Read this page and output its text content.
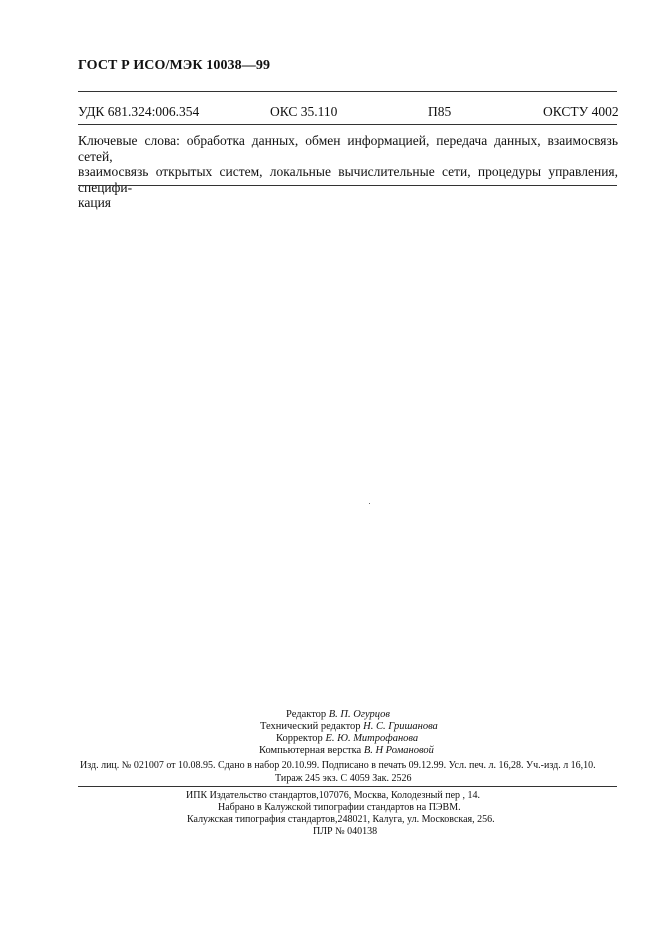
ГОСТ Р ИСО/МЭК 10038—99
УДК 681.324:006.354	ОКС 35.110	П85	ОКСТУ 4002
Ключевые слова: обработка данных, обмен информацией, передача данных, взаимосвязь сетей,
взаимосвязь открытых систем, локальные вычислительные сети, процедуры управления, специфи-
кация
Редактор В. П. Огурцов
Технический редактор Н. С. Гришанова
Корректор Е. Ю. Митрофанова
Компьютерная верстка В. Н Романовой
Изд. лиц. № 021007 от 10.08.95. Сдано в набор 20.10.99. Подписано в печать 09.12.99. Усл. печ. л. 16,28. Уч.-изд. л 16,10.
Тираж 245 экз. С 4059 Зак. 2526
ИПК Издательство стандартов,107076, Москва, Колодезный пер , 14.
Набрано в Калужской типографии стандартов на ПЭВМ.
Калужская типография стандартов,248021, Калуга, ул. Московская, 256.
ПЛР № 040138
